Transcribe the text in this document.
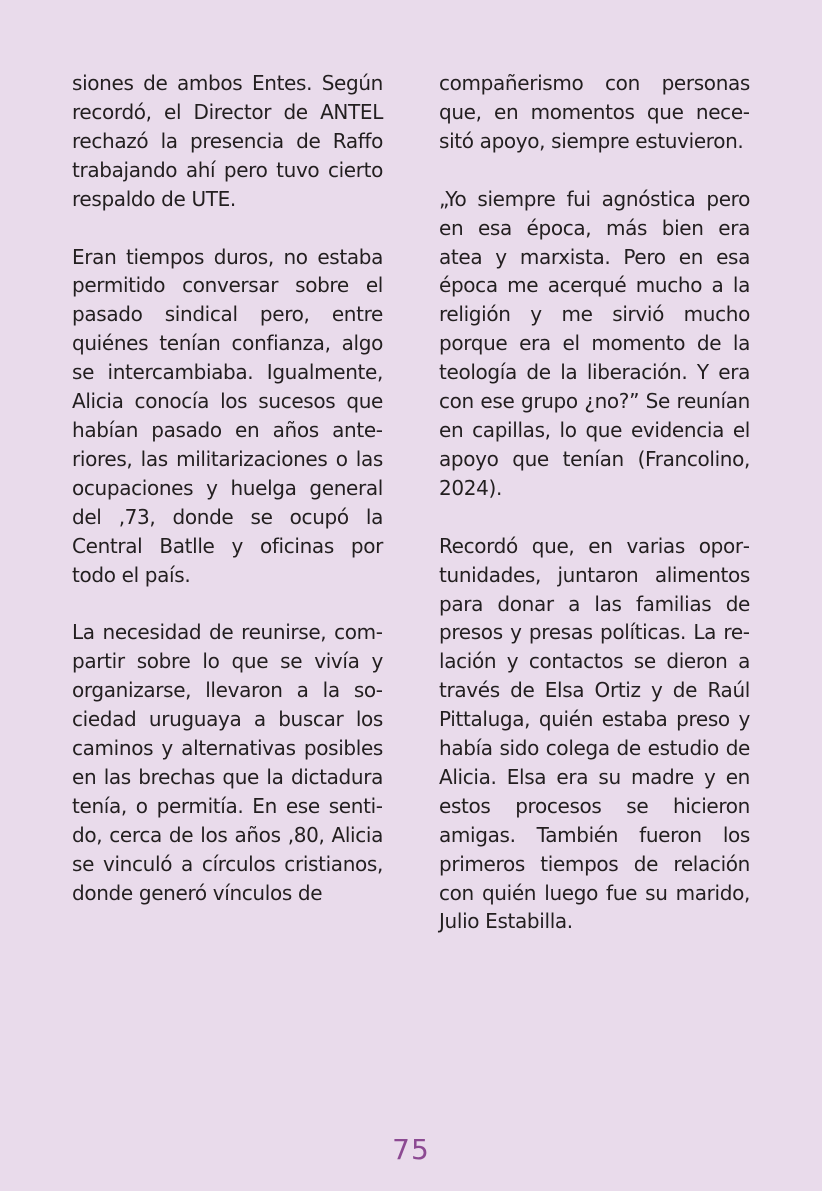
siones de ambos Entes. Según recordó, el Director de ANTEL rechazó la presencia de Raffo trabajando ahí pero tuvo cierto respaldo de UTE.

Eran tiempos duros, no estaba permitido conversar sobre el pasado sindical pero, entre quiénes tenían confianza, algo se intercambiaba. Igualmente, Alicia conocía los sucesos que habían pasado en años anteriores, las militarizaciones o las ocupaciones y huelga general del ‚73, donde se ocupó la Central Batlle y oficinas por todo el país.

La necesidad de reunirse, compartir sobre lo que se vivía y organizarse, llevaron a la sociedad uruguaya a buscar los caminos y alternativas posibles en las brechas que la dictadura tenía, o permitía. En ese sentido, cerca de los años ‚80, Alicia se vinculó a círculos cristianos, donde generó vínculos de

compañerismo con personas que, en momentos que necesitó apoyo, siempre estuvieron.

„Yo siempre fui agnóstica pero en esa época, más bien era atea y marxista. Pero en esa época me acerqué mucho a la religión y me sirvió mucho porque era el momento de la teología de la liberación. Y era con ese grupo ¿no?” Se reunían en capillas, lo que evidencia el apoyo que tenían (Francolino, 2024).

Recordó que, en varias oportunidades, juntaron alimentos para donar a las familias de presos y presas políticas. La relación y contactos se dieron a través de Elsa Ortiz y de Raúl Pittaluga, quién estaba preso y había sido colega de estudio de Alicia. Elsa era su madre y en estos procesos se hicieron amigas. También fueron los primeros tiempos de relación con quién luego fue su marido, Julio Estabilla.

75
